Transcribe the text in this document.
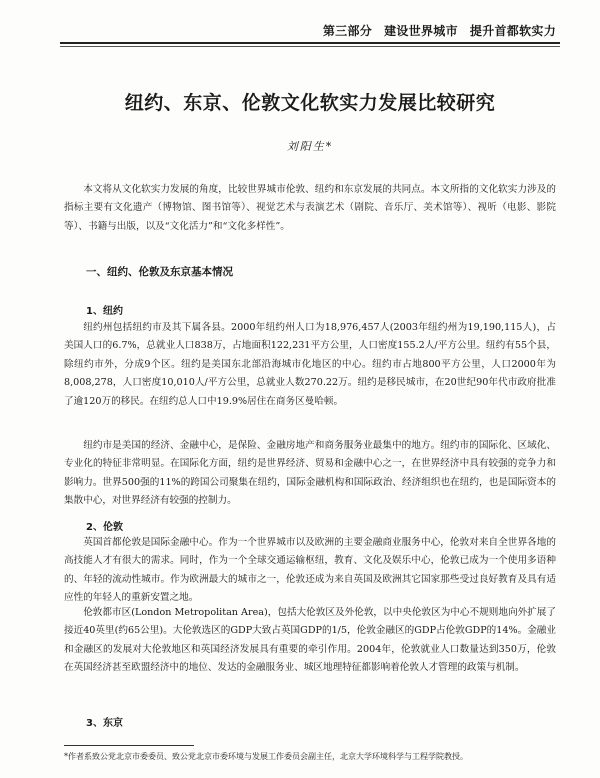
第三部分 建设世界城市 提升首都软实力
纽约、东京、伦敦文化软实力发展比较研究
刘阳生*
本文将从文化软实力发展的角度，比较世界城市伦敦、纽约和东京发展的共同点。本文所指的文化软实力涉及的指标主要有文化遗产（博物馆、图书馆等）、视觉艺术与表演艺术（剧院、音乐厅、美术馆等）、视听（电影、影院等）、书籍与出版，以及“文化活力”和“文化多样性”。
一、纽约、伦敦及东京基本情况
1、纽约
纽约州包括纽约市及其下属各县。2000年纽约州人口为18,976,457人(2003年纽约州为19,190,115人)，占美国人口的6.7%，总就业人口838万，占地面积122,231平方公里，人口密度155.2人/平方公里。纽约有55个县，除纽约市外，分成9个区。纽约是美国东北部沿海城市化地区的中心。纽约市占地800平方公里，人口2000年为8,008,278，人口密度10,010人/平方公里，总就业人数270.22万。纽约是移民城市，在20世纪90年代市政府批准了逾120万的移民。在纽约总人口中19.9%居住在商务区曼哈顿。
纽约市是美国的经济、金融中心，是保险、金融房地产和商务服务业最集中的地方。纽约市的国际化、区域化、专业化的特征非常明显。在国际化方面，纽约是世界经济、贸易和金融中心之一，在世界经济中具有较强的竞争力和影响力。世界500强的11%的跨国公司聚集在纽约，国际金融机构和国际政治、经济组织也在纽约，也是国际资本的集散中心，对世界经济有较强的控制力。
2、伦敦
英国首都伦敦是国际金融中心。作为一个世界城市以及欧洲的主要金融商业服务中心，伦敦对来自全世界各地的高技能人才有很大的需求。同时，作为一个全球交通运输枢纽，教育、文化及娱乐中心，伦敦已成为一个使用多语种的、年轻的流动性城市。作为欧洲最大的城市之一，伦敦还成为来自英国及欧洲其它国家那些受过良好教育及具有适应性的年轻人的重新安置之地。
伦敦都市区(London Metropolitan Area)，包括大伦敦区及外伦敦，以中央伦敦区为中心不规则地向外扩展了接近40英里(约65公里)。大伦敦选区的GDP大致占英国GDP的1/5，伦敦金融区的GDP占伦敦GDP的14%。金融业和金融区的发展对大伦敦地区和英国经济发展具有重要的牵引作用。2004年，伦敦就业人口数量达到350万，伦敦在英国经济甚至欧盟经济中的地位、发达的金融服务业、城区地理特征都影响着伦敦人才管理的政策与机制。
3、东京
*作者系致公党北京市委委员、致公党北京市委环境与发展工作委员会副主任，北京大学环境科学与工程学院教授。
